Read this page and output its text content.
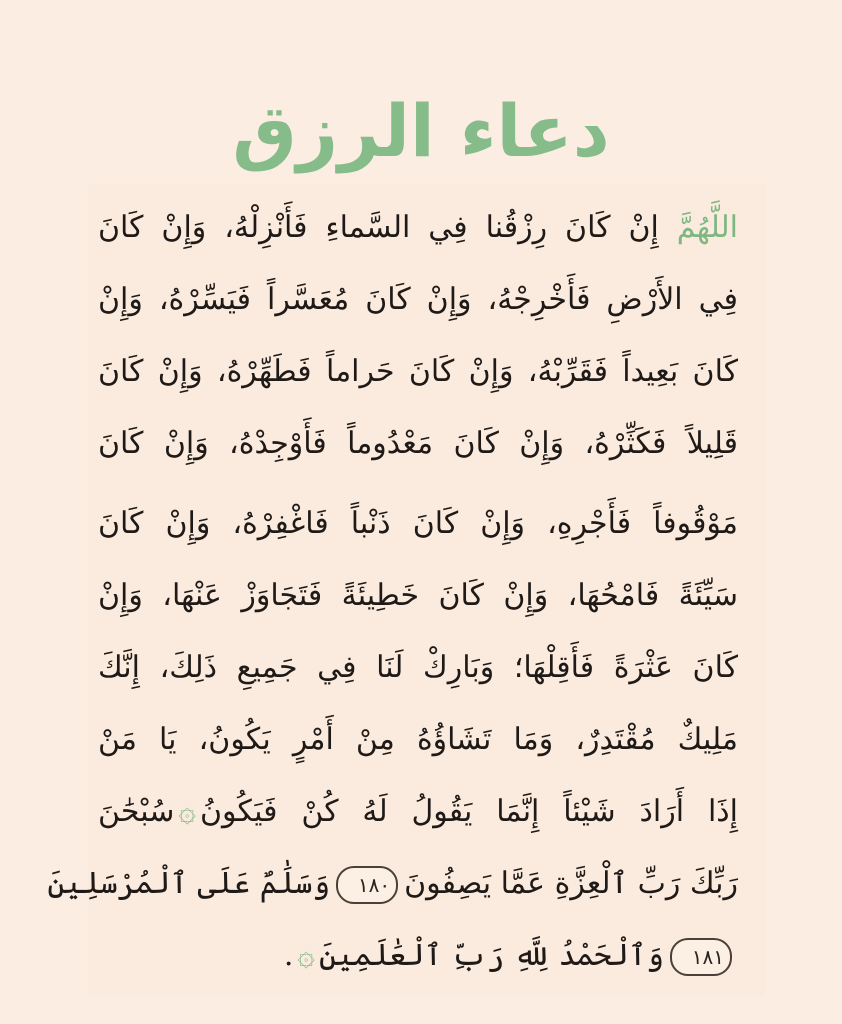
دعاء الرزق
اللَّهُمَّ إِنْ كَانَ رِزْقُنا فِي السَّماءِ فَأَنْزِلْهُ، وَإِنْ كَانَ
فِي الأَرْضِ فَأَخْرِجْهُ، وَإِنْ كَانَ مُعَسَّراً فَيَسِّرْهُ، وَإِنْ
كَانَ بَعِيداً فَقَرِّبْهُ، وَإِنْ كَانَ حَراماً فَطَهِّرْهُ، وَإِنْ كَانَ
قَلِيلاً فَكَثِّرْهُ، وَإِنْ كَانَ مَعْدُوماً فَأَوْجِدْهُ، وَإِنْ كَانَ
مَوْقُوفاً فَأَجْرِهِ، وَإِنْ كَانَ ذَنْباً فَاغْفِرْهُ، وَإِنْ كَانَ
سَيِّئَةً فَامْحُهَا، وَإِنْ كَانَ خَطِيئَةً فَتَجَاوَزْ عَنْهَا، وَإِنْ
كَانَ عَثْرَةً فَأَقِلْهَا؛ وَبَارِكْ لَنَا فِي جَمِيعِ ذَلِكَ، إِنَّكَ
مَلِيكٌ مُقْتَدِرٌ، وَمَا تَشَاؤُهُ مِنْ أَمْرٍ يَكُونُ، يَا مَنْ
إِذَا أَرَادَ شَيْئاً إِنَّمَا يَقُولُ لَهُ كُنْ فَيَكُونُ۞سُبْحَٰنَ
رَبِّكَ رَبِّ ٱلْعِزَّةِ عَمَّا يَصِفُونَ١٨٠وَسَلَٰمٌ عَلَى ٱلْمُرْسَلِينَ
١٨١وَٱلْحَمْدُ لِلَّهِ رَبِّ ٱلْعَٰلَمِينَ۞.
